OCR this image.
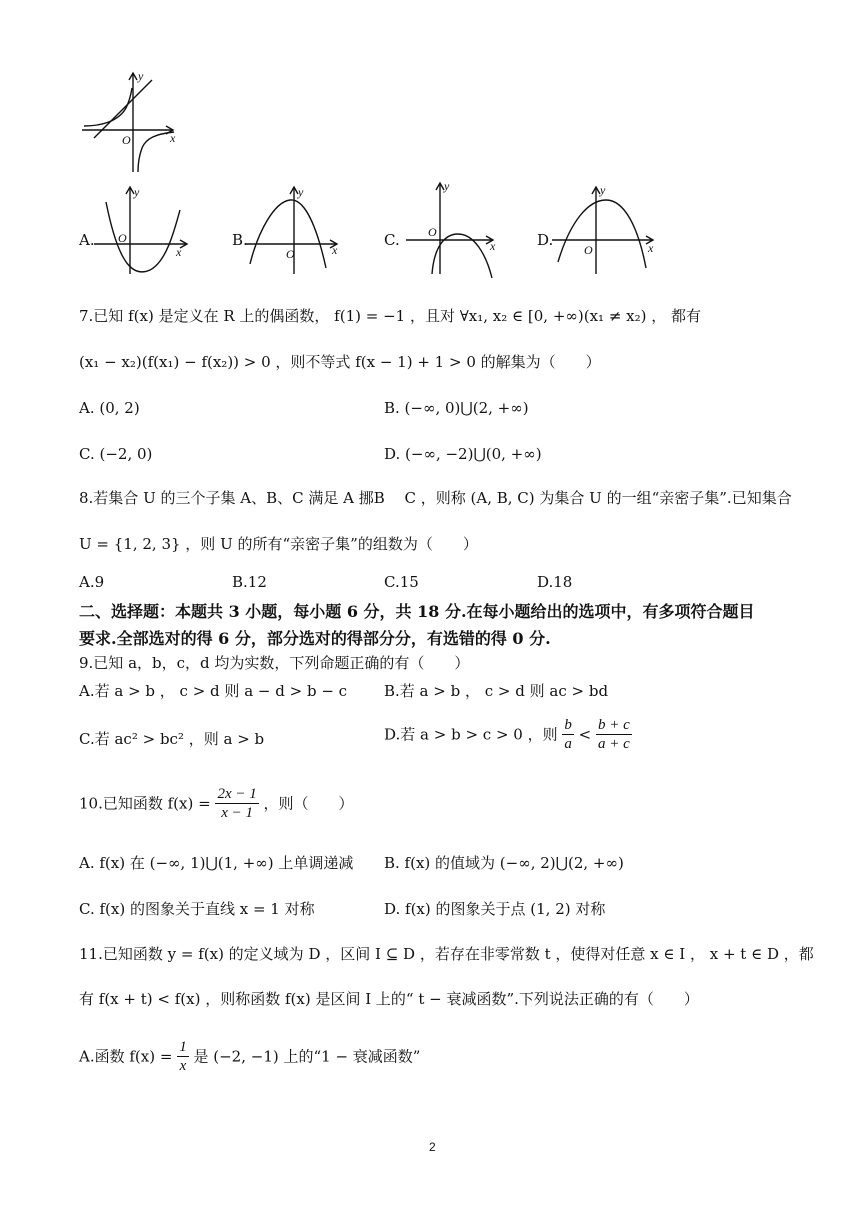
y
x
O
A.
y
x
O	B.
y
x
O
C.
y
x
O	D.
y
x
O
7.已知 f(x) 是定义在 R 上的偶函数， f(1) = −1 ，且对 ∀x₁, x₂ ∈ [0, +∞)(x₁ ≠ x₂) ， 都有
(x₁ − x₂)(f(x₁) − f(x₂)) > 0 ，则不等式 f(x − 1) + 1 > 0 的解集为（　　）
A. (0, 2)	B. (−∞, 0)⋃(2, +∞)
C. (−2, 0)	D. (−∞, −2)⋃(0, +∞)
8.若集合 U 的三个子集 A、B、C 满足 A 挪B　 C ，则称 (A, B, C) 为集合 U 的一组“亲密子集”.已知集合
U = {1, 2, 3} ，则 U 的所有“亲密子集”的组数为（　　）
A.9	B.12	C.15	D.18
二、选择题：本题共 3 小题，每小题 6 分，共 18 分.在每小题给出的选项中，有多项符合题目
要求.全部选对的得 6 分，部分选对的得部分分，有选错的得 0 分.
9.已知 a，b，c，d 均为实数，下列命题正确的有（　　）
A.若 a > b ， c > d 则 a − d > b − c B.若 a > b ， c > d 则 ac > bd
C.若 ac² > bc² ，则 a > b	D.若 a > b > c > 0 ，则 $\frac{b}{a} < \frac{b + c}{a + c}$
10.已知函数 $f(x) = \frac{2x - 1}{x - 1}$ ，则（　　）
A. f(x) 在 (−∞, 1)⋃(1, +∞) 上单调递减 B. f(x) 的值域为 (−∞, 2)⋃(2, +∞)
C. f(x) 的图象关于直线 x = 1 对称	D. f(x) 的图象关于点 (1, 2) 对称
11.已知函数 y = f(x) 的定义域为 D ，区间 I ⊆ D ，若存在非零常数 t ，使得对任意 x ∈ I ， x + t ∈ D ，都
有 f(x + t) < f(x) ，则称函数 f(x) 是区间 I 上的“ t − 衰减函数”.下列说法正确的有（　　）
A.函数 $f(x) = \frac{1}{x}$ 是 (−2, −1) 上的“1 − 衰减函数”
2
